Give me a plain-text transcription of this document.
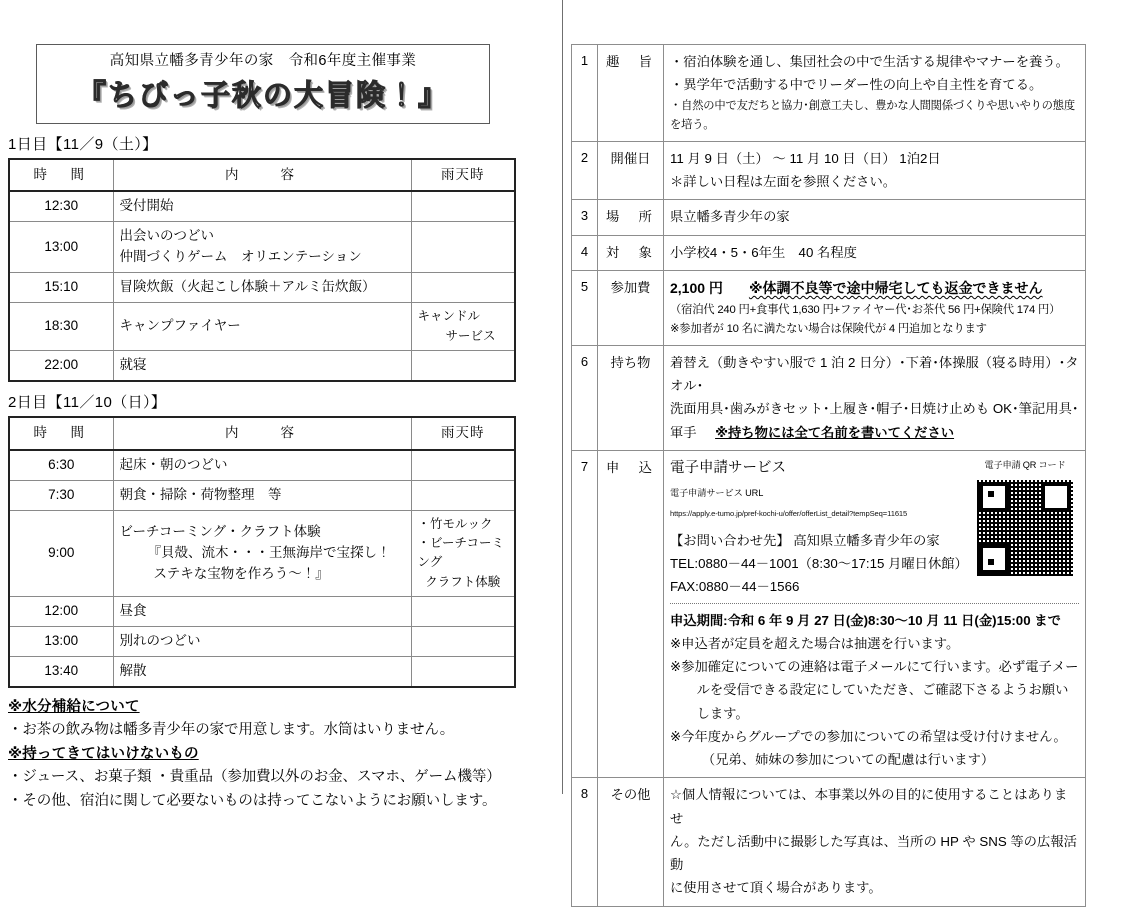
高知県立幡多青少年の家　令和6年度主催事業
『ちびっ子秋の大冒険！』
1日目【11／9（土）】
時　間	内　　容	雨天時
12:30	受付開始	

13:00	出会いのつどい
仲間づくりゲーム　オリエンテーション	

15:10	冒険炊飯（火起こし体験＋アルミ缶炊飯）	

18:30	キャンプファイヤー	キャンドル
サービス

22:00	就寝	

2日目【11／10（日）】
時　間	内　　容	雨天時
6:30	起床・朝のつどい	

7:30	朝食・掃除・荷物整理　等	

9:00	ビーチコーミング・クラフト体験
『貝殻、流木・・・王無海岸で宝探し！
ステキな宝物を作ろう～！』	・竹モルック
・ビーチコーミング
クラフト体験

12:00	昼食	

13:00	別れのつどい	

13:40	解散	

※水分補給について
・お茶の飲み物は幡多青少年の家で用意します。水筒はいりません。
※持ってきてはいけないもの
・ジュース、お菓子類 ・貴重品（参加費以外のお金、スマホ、ゲーム機等）
・その他、宿泊に関して必要ないものは持ってこないようにお願いします。
1	趣　旨	・宿泊体験を通し、集団社会の中で生活する規律やマナーを養う。
・異学年で活動する中でリーダー性の向上や自主性を育てる。
・自然の中で友だちと協力･創意工夫し、豊かな人間関係づくりや思いやりの態度を培う。

2	開催日	11 月 9 日（土） ～ 11 月 10 日（日） 1泊2日
＊詳しい日程は左面を参照ください。

3	場　所	県立幡多青少年の家
4	対　象	小学校4・5・6年生　40 名程度
5	参加費	2,100 円 ※体調不良等で途中帰宅しても返金できません
（宿泊代 240 円+食事代 1,630 円+ファイヤー代･お茶代 56 円+保険代 174 円）
※参加者が 10 名に満たない場合は保険代が 4 円追加となります

6	持ち物	着替え（動きやすい服で 1 泊 2 日分）･下着･体操服（寝る時用）･タオル･
洗面用具･歯みがきセット･上履き･帽子･日焼け止めも OK･筆記用具･
軍手 ※持ち物には全て名前を書いてください

7	申　込	電子申請サービス
電子申請サービス URL
https://apply.e-tumo.jp/pref-kochi-u/offer/offerList_detail?tempSeq=11615
【お問い合わせ先】 高知県立幡多青少年の家
TEL:0880－44－1001（8:30～17:15 月曜日休館）
FAX:0880－44－1566
電子申請 QR コード
申込期間:令和 6 年 9 月 27 日(金)8:30～10 月 11 日(金)15:00 まで
※申込者が定員を超えた場合は抽選を行います。
※参加確定についての連絡は電子メールにて行います。必ず電子メー
ルを受信できる設定にしていただき、ご確認下さるようお願いします。
※今年度からグループでの参加についての希望は受け付けません。
（兄弟、姉妹の参加についての配慮は行います）

8	その他	☆個人情報については、本事業以外の目的に使用することはありませ
ん。ただし活動中に撮影した写真は、当所の HP や SNS 等の広報活動
に使用させて頂く場合があります。
